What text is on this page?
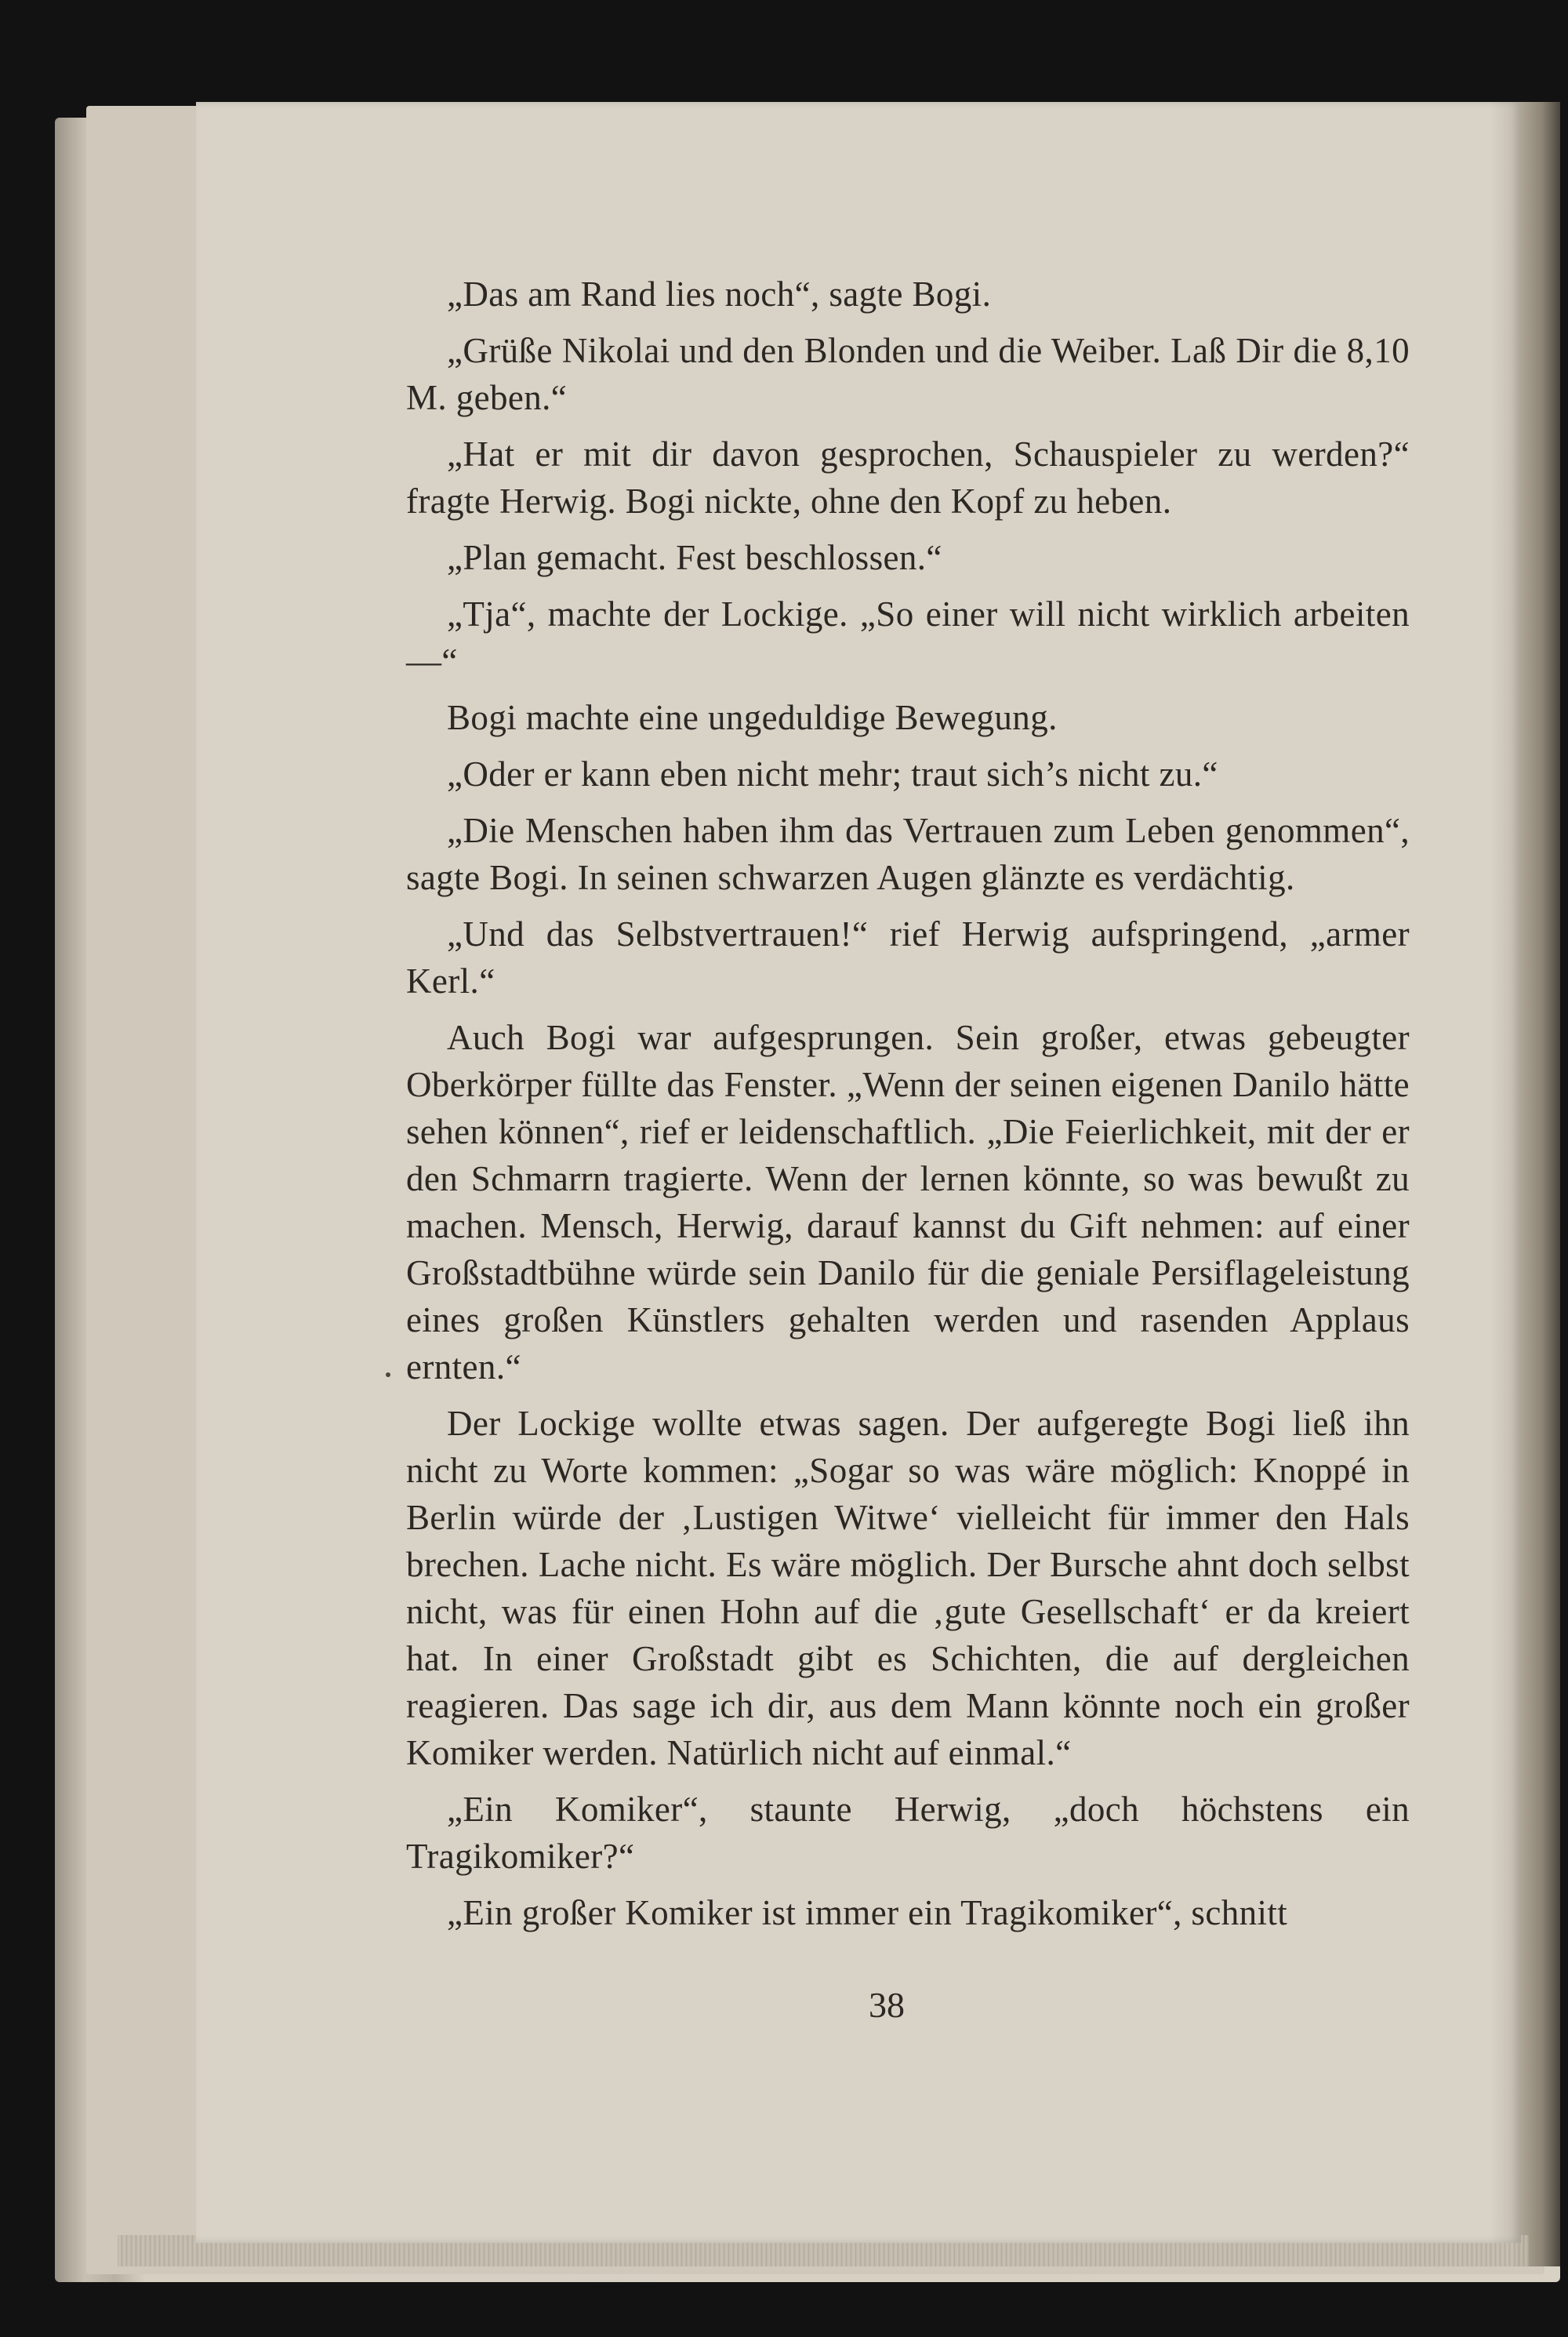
„Das am Rand lies noch“, sagte Bogi.

„Grüße Nikolai und den Blonden und die Weiber. Laß Dir die 8,10 M. geben.“

„Hat er mit dir davon gesprochen, Schauspieler zu werden?“ fragte Herwig. Bogi nickte, ohne den Kopf zu heben.

„Plan gemacht. Fest beschlossen.“

„Tja“, machte der Lockige. „So einer will nicht wirklich arbeiten —“

Bogi machte eine ungeduldige Bewegung.

„Oder er kann eben nicht mehr; traut sich’s nicht zu.“

„Die Menschen haben ihm das Vertrauen zum Leben genommen“, sagte Bogi. In seinen schwarzen Augen glänzte es verdächtig.

„Und das Selbstvertrauen!“ rief Herwig aufspringend, „armer Kerl.“

Auch Bogi war aufgesprungen. Sein großer, etwas gebeugter Oberkörper füllte das Fenster. „Wenn der seinen eigenen Danilo hätte sehen können“, rief er leidenschaftlich. „Die Feierlichkeit, mit der er den Schmarrn tragierte. Wenn der lernen könnte, so was bewußt zu machen. Mensch, Herwig, darauf kannst du Gift nehmen: auf einer Großstadtbühne würde sein Danilo für die geniale Persiflageleistung eines großen Künstlers gehalten werden und rasenden Applaus ernten.“

Der Lockige wollte etwas sagen. Der aufgeregte Bogi ließ ihn nicht zu Worte kommen: „Sogar so was wäre möglich: Knoppé in Berlin würde der ‚Lustigen Witwe‘ vielleicht für immer den Hals brechen. Lache nicht. Es wäre möglich. Der Bursche ahnt doch selbst nicht, was für einen Hohn auf die ‚gute Gesellschaft‘ er da kreiert hat. In einer Großstadt gibt es Schichten, die auf dergleichen reagieren. Das sage ich dir, aus dem Mann könnte noch ein großer Komiker werden. Natürlich nicht auf einmal.“

„Ein Komiker“, staunte Herwig, „doch höchstens ein Tragikomiker?“

„Ein großer Komiker ist immer ein Tragikomiker“, schnitt

38
